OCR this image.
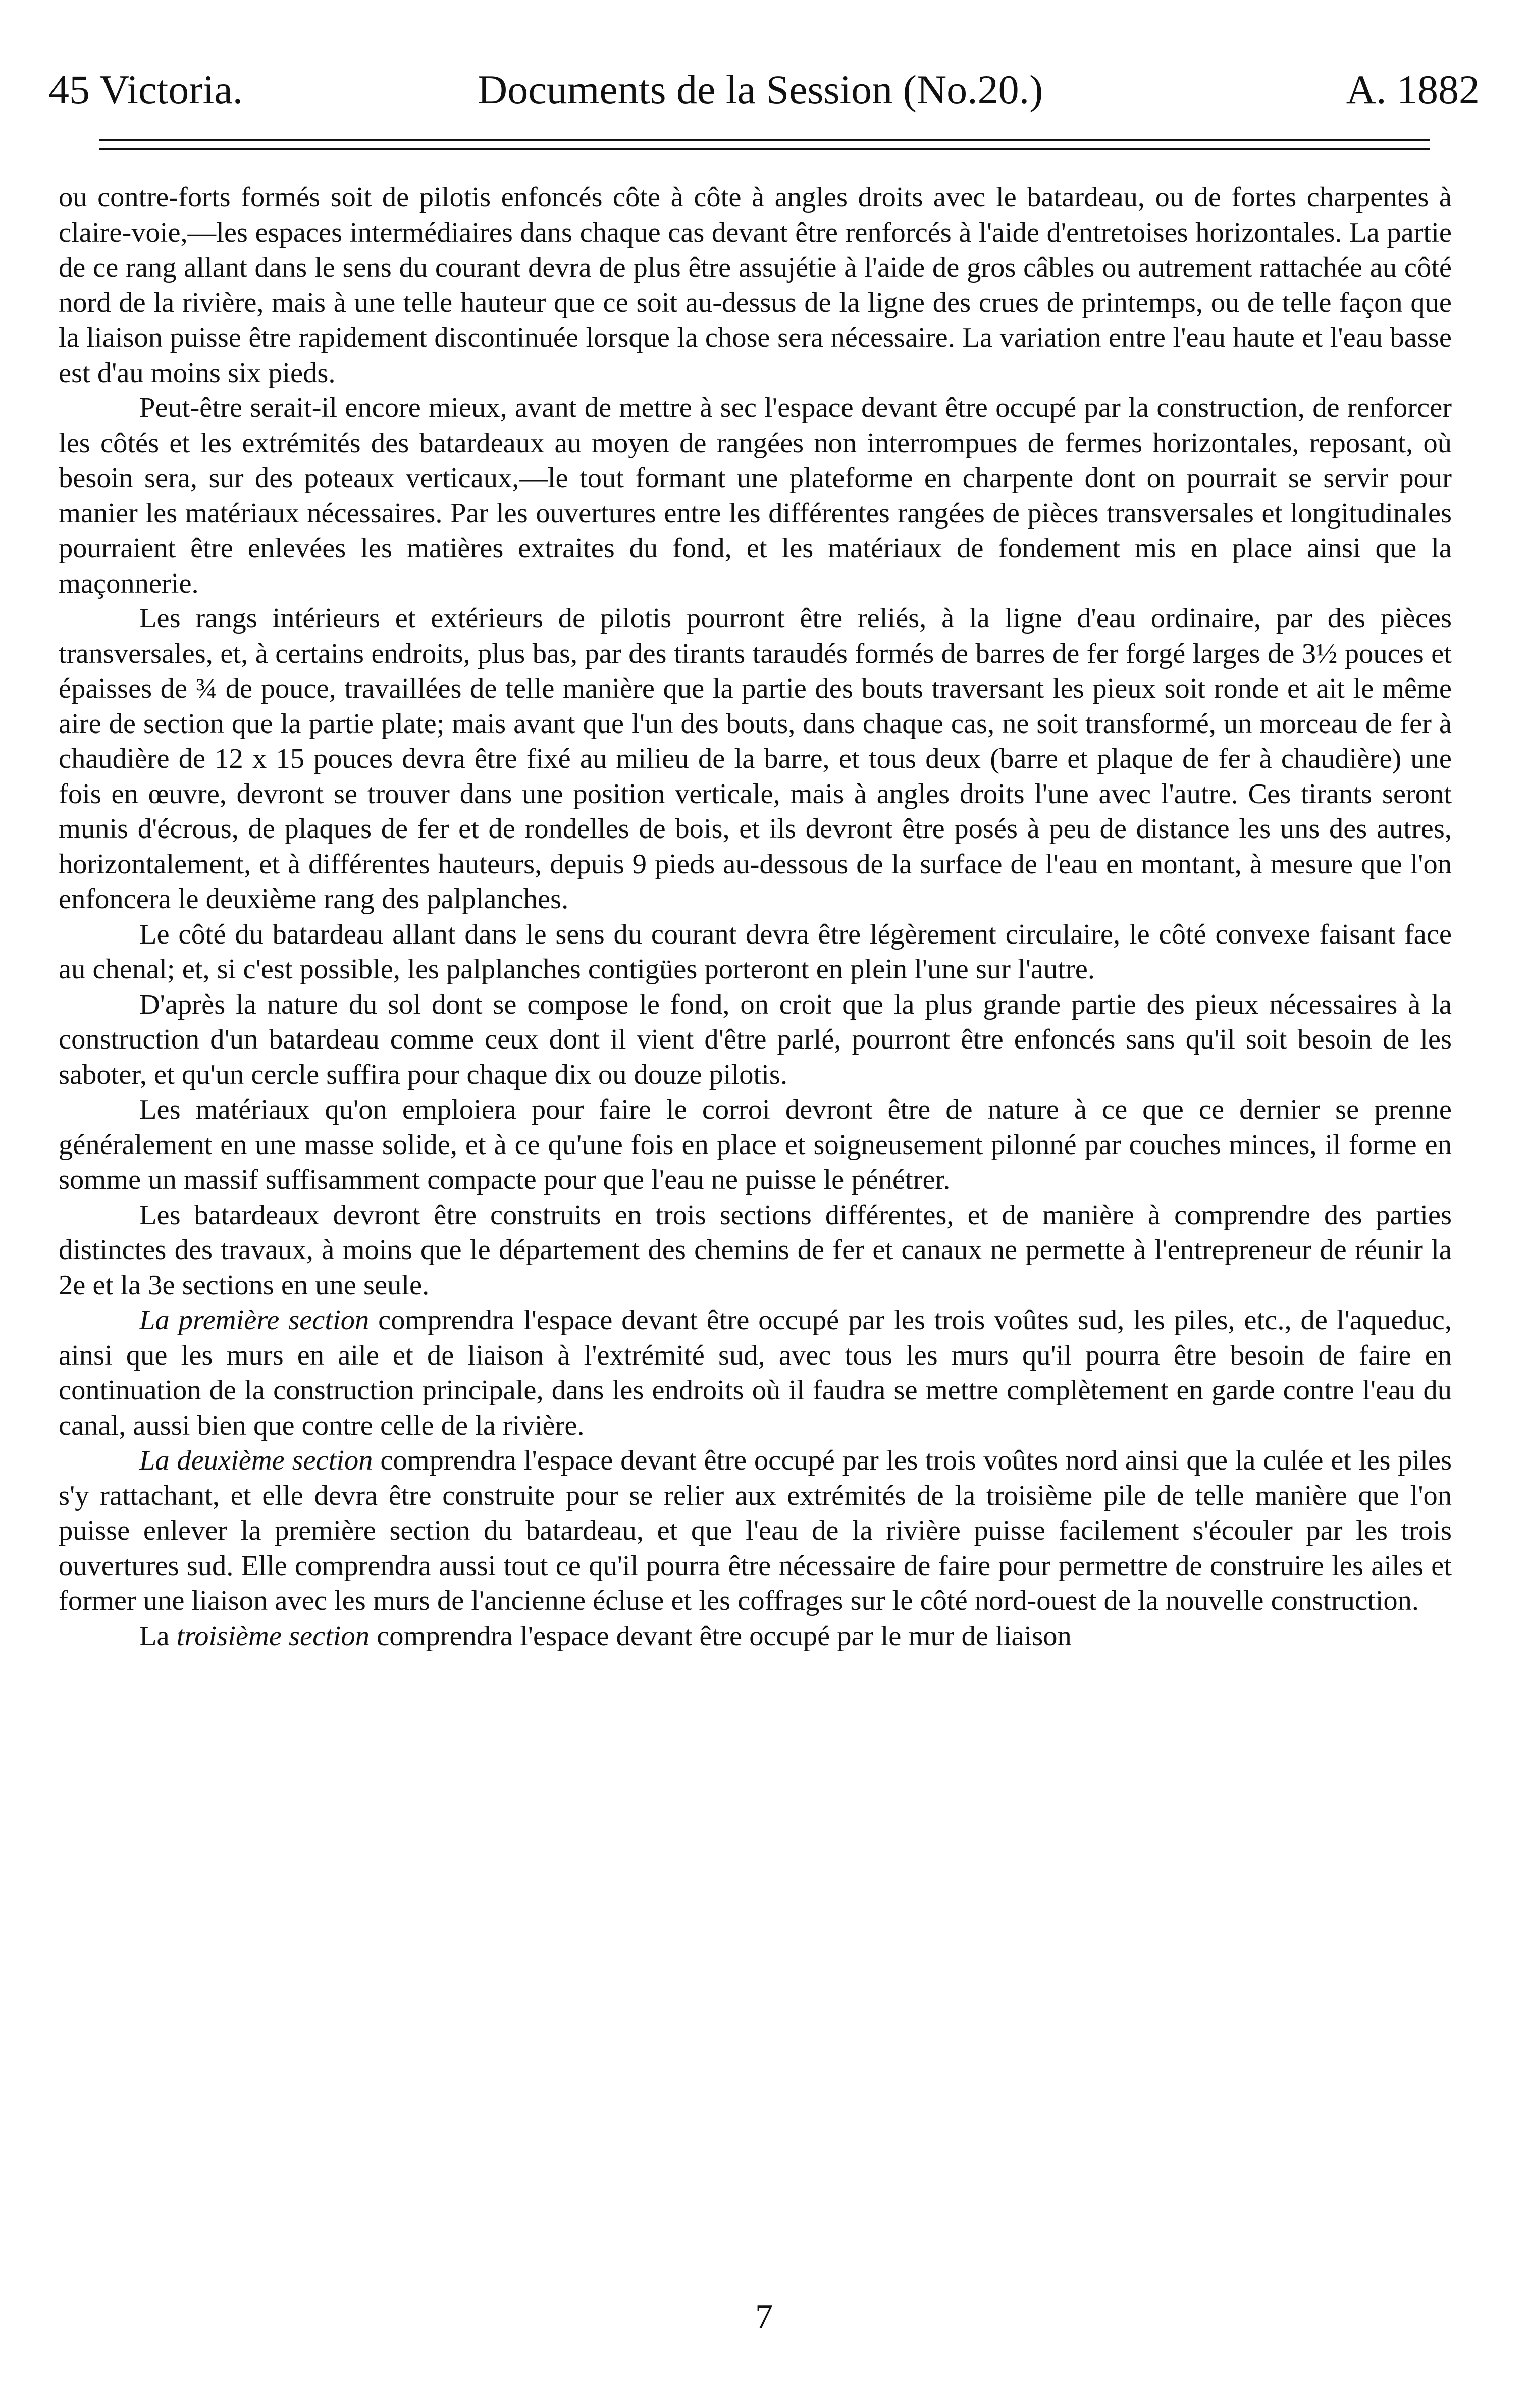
45 Victoria.	Documents de la Session (No.20.)	A. 1882

ou contre-forts formés soit de pilotis enfoncés côte à côte à angles droits avec le batardeau, ou de fortes charpentes à claire-voie,—les espaces intermédiaires dans chaque cas devant être renforcés à l'aide d'entretoises horizontales. La partie de ce rang allant dans le sens du courant devra de plus être assujétie à l'aide de gros câbles ou autrement rattachée au côté nord de la rivière, mais à une telle hauteur que ce soit au-dessus de la ligne des crues de printemps, ou de telle façon que la liaison puisse être rapidement discontinuée lorsque la chose sera nécessaire. La variation entre l'eau haute et l'eau basse est d'au moins six pieds.

Peut-être serait-il encore mieux, avant de mettre à sec l'espace devant être occupé par la construction, de renforcer les côtés et les extrémités des batardeaux au moyen de rangées non interrompues de fermes horizontales, reposant, où besoin sera, sur des poteaux verticaux,—le tout formant une plateforme en charpente dont on pourrait se servir pour manier les matériaux nécessaires. Par les ouvertures entre les différentes rangées de pièces transversales et longitudinales pourraient être enlevées les matières extraites du fond, et les matériaux de fondement mis en place ainsi que la maçonnerie.

Les rangs intérieurs et extérieurs de pilotis pourront être reliés, à la ligne d'eau ordinaire, par des pièces transversales, et, à certains endroits, plus bas, par des tirants taraudés formés de barres de fer forgé larges de 3½ pouces et épaisses de ¾ de pouce, travaillées de telle manière que la partie des bouts traversant les pieux soit ronde et ait le même aire de section que la partie plate; mais avant que l'un des bouts, dans chaque cas, ne soit transformé, un morceau de fer à chaudière de 12 x 15 pouces devra être fixé au milieu de la barre, et tous deux (barre et plaque de fer à chaudière) une fois en œuvre, devront se trouver dans une position verticale, mais à angles droits l'une avec l'autre. Ces tirants seront munis d'écrous, de plaques de fer et de rondelles de bois, et ils devront être posés à peu de distance les uns des autres, horizontalement, et à différentes hauteurs, depuis 9 pieds au-dessous de la surface de l'eau en montant, à mesure que l'on enfoncera le deuxième rang des palplanches.

Le côté du batardeau allant dans le sens du courant devra être légèrement circulaire, le côté convexe faisant face au chenal; et, si c'est possible, les palplanches contigües porteront en plein l'une sur l'autre.

D'après la nature du sol dont se compose le fond, on croit que la plus grande partie des pieux nécessaires à la construction d'un batardeau comme ceux dont il vient d'être parlé, pourront être enfoncés sans qu'il soit besoin de les saboter, et qu'un cercle suffira pour chaque dix ou douze pilotis.

Les matériaux qu'on emploiera pour faire le corroi devront être de nature à ce que ce dernier se prenne généralement en une masse solide, et à ce qu'une fois en place et soigneusement pilonné par couches minces, il forme en somme un massif suffisamment compacte pour que l'eau ne puisse le pénétrer.

Les batardeaux devront être construits en trois sections différentes, et de manière à comprendre des parties distinctes des travaux, à moins que le département des chemins de fer et canaux ne permette à l'entrepreneur de réunir la 2e et la 3e sections en une seule.

La première section comprendra l'espace devant être occupé par les trois voûtes sud, les piles, etc., de l'aqueduc, ainsi que les murs en aile et de liaison à l'extrémité sud, avec tous les murs qu'il pourra être besoin de faire en continuation de la construction principale, dans les endroits où il faudra se mettre complètement en garde contre l'eau du canal, aussi bien que contre celle de la rivière.

La deuxième section comprendra l'espace devant être occupé par les trois voûtes nord ainsi que la culée et les piles s'y rattachant, et elle devra être construite pour se relier aux extrémités de la troisième pile de telle manière que l'on puisse enlever la première section du batardeau, et que l'eau de la rivière puisse facilement s'écouler par les trois ouvertures sud. Elle comprendra aussi tout ce qu'il pourra être nécessaire de faire pour permettre de construire les ailes et former une liaison avec les murs de l'ancienne écluse et les coffrages sur le côté nord-ouest de la nouvelle construction.

La troisième section comprendra l'espace devant être occupé par le mur de liaison

7
